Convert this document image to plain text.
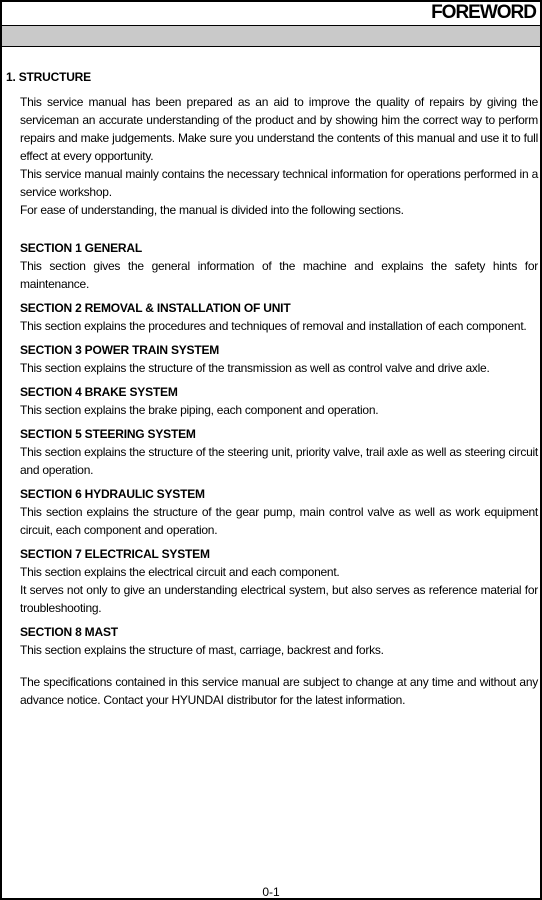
FOREWORD
1. STRUCTURE

This service manual has been prepared as an aid to improve the quality of repairs by giving the serviceman an accurate understanding of the product and by showing him the correct way to perform repairs and make judgements. Make sure you understand the contents of this manual and use it to full effect at every opportunity.

This service manual mainly contains the necessary technical information for operations performed in a service workshop.

For ease of understanding, the manual is divided into the following sections.

SECTION 1 GENERAL

This section gives the general information of the machine and explains the safety hints for maintenance.

SECTION 2 REMOVAL & INSTALLATION OF UNIT

This section explains the procedures and techniques of removal and installation of each component.

SECTION 3 POWER TRAIN SYSTEM

This section explains the structure of the transmission as well as control valve and drive axle.

SECTION 4 BRAKE SYSTEM

This section explains the brake piping, each component and operation.

SECTION 5 STEERING SYSTEM

This section explains the structure of the steering unit, priority valve, trail axle as well as steering circuit and operation.

SECTION 6 HYDRAULIC SYSTEM

This section explains the structure of the gear pump, main control valve as well as work equipment circuit, each component and operation.

SECTION 7 ELECTRICAL SYSTEM

This section explains the electrical circuit and each component.

It serves not only to give an understanding electrical system, but also serves as reference material for troubleshooting.

SECTION 8 MAST

This section explains the structure of mast, carriage, backrest and forks.

The specifications contained in this service manual are subject to change at any time and without any advance notice. Contact your HYUNDAI distributor for the latest information.

0-1
